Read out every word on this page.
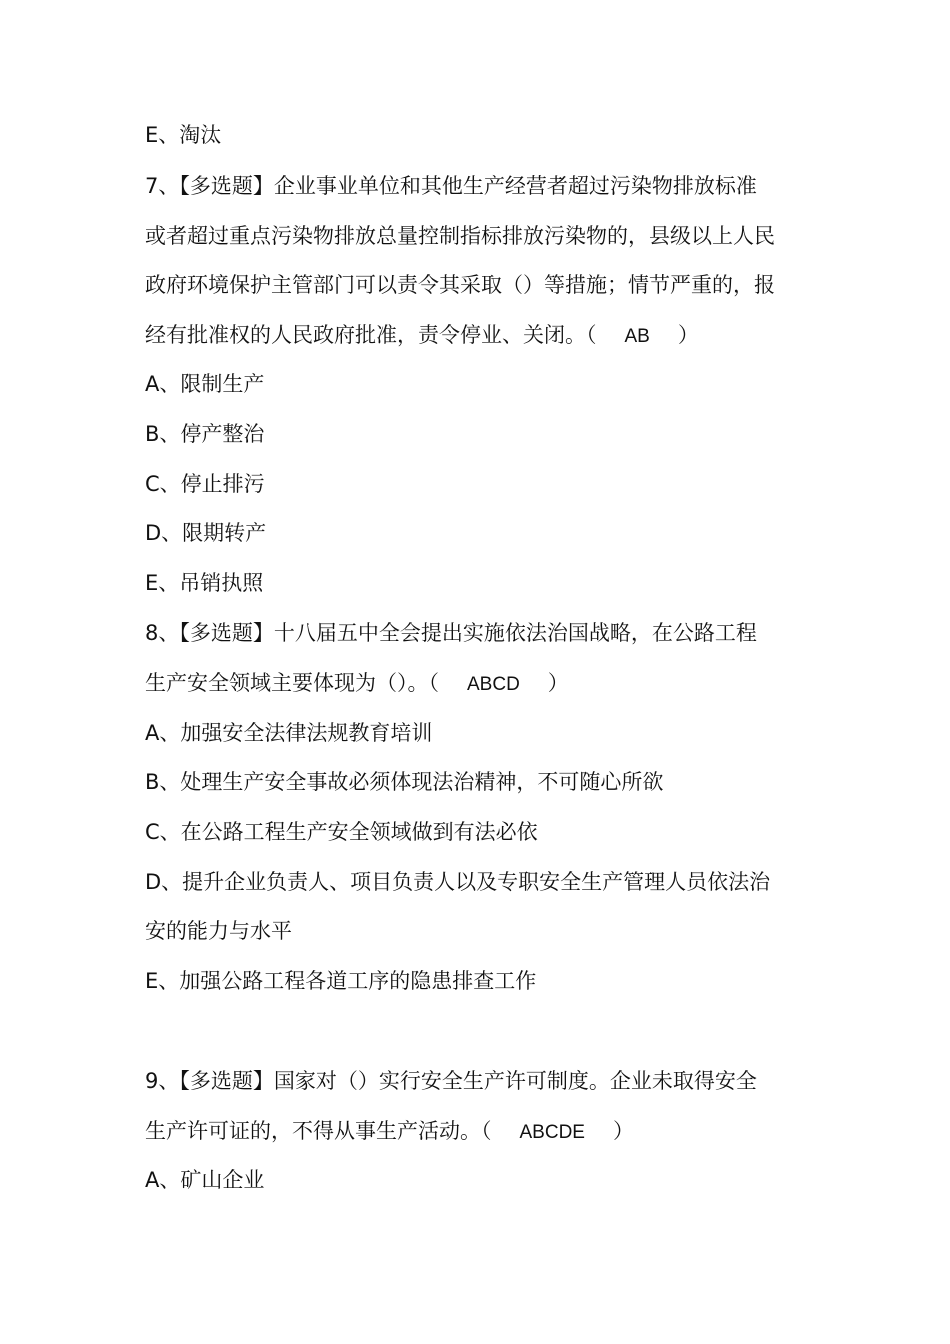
E、淘汰
7、【多选题】企业事业单位和其他生产经营者超过污染物排放标准
或者超过重点污染物排放总量控制指标排放污染物的，县级以上人民
政府环境保护主管部门可以责令其采取（）等措施；情节严重的，报
经有批准权的人民政府批准，责令停业、关闭。（ AB ）
A、限制生产
B、停产整治
C、停止排污
D、限期转产
E、吊销执照
8、【多选题】十八届五中全会提出实施依法治国战略，在公路工程
生产安全领域主要体现为（）。（ ABCD ）
A、加强安全法律法规教育培训
B、处理生产安全事故必须体现法治精神，不可随心所欲
C、在公路工程生产安全领域做到有法必依
D、提升企业负责人、项目负责人以及专职安全生产管理人员依法治
安的能力与水平
E、加强公路工程各道工序的隐患排查工作
9、【多选题】国家对（）实行安全生产许可制度。企业未取得安全
生产许可证的，不得从事生产活动。（ ABCDE ）
A、矿山企业
